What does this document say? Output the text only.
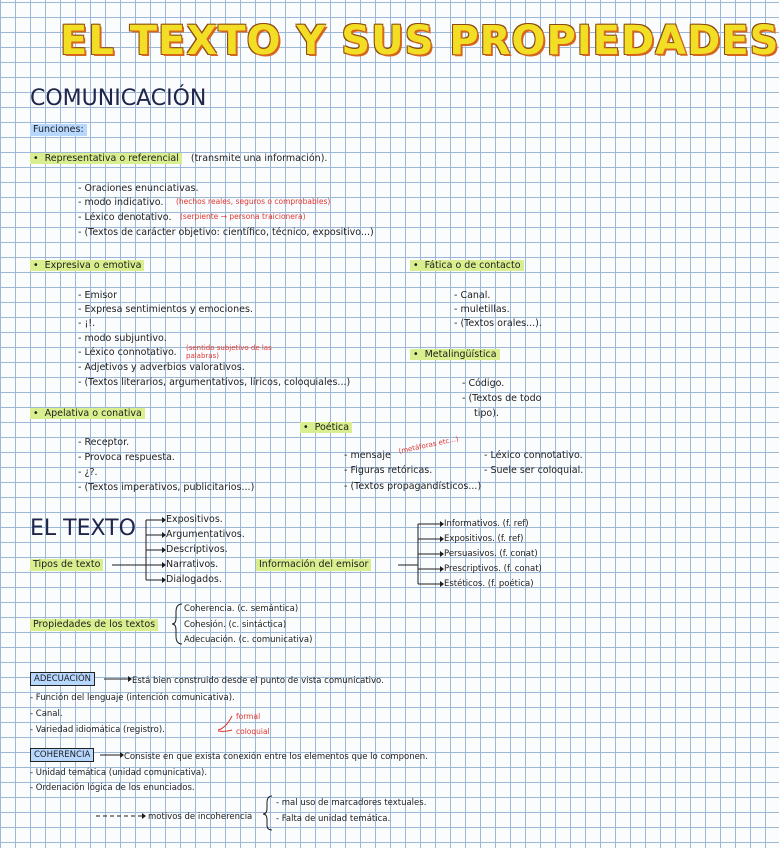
EL TEXTO Y SUS PROPIEDADES
COMUNICACIÓN
Funciones:
• Representativa o referencial (transmite una información).
- Oraciones enunciativas.
- modo indicativo. (hechos reales, seguros o comprobables)
- Léxico denotativo. (serpiente → persona traicionera)
- (Textos de carácter objetivo: científico, técnico, expositivo...)
• Expresiva o emotiva
- Emisor
- Expresa sentimientos y emociones.
- ¡!.
- modo subjuntivo.
- Léxico connotativo. (sentido subjetivo de las palabras)
- Adjetivos y adverbios valorativos.
- (Textos literarios, argumentativos, líricos, coloquiales...)
• Fática o de contacto
- Canal.
- muletillas.
- (Textos orales...).
• Metalingüística
- Código.
- (Textos de todo
tipo).
• Apelativa o conativa
- Receptor.
- Provoca respuesta.
- ¿?.
- (Textos imperativos, publicitarios...)
• Poética
- mensaje
(metáforas etc...)
- Figuras retóricas.
- (Textos propagandísticos...)
- Léxico connotativo.
- Suele ser coloquial.
EL TEXTO
Tipos de texto
Expositivos.
Argumentativos.
Descriptivos.
Narrativos.
Dialogados.
Información del emisor
Informativos. (f. ref)
Expositivos. (f. ref)
Persuasivos. (f. conat)
Prescriptivos. (f. conat)
Estéticos. (f. poética)
Propiedades de los textos
Coherencia. (c. semántica)
Cohesión. (c. sintáctica)
Adecuación. (c. comunicativa)
ADECUACIÓN	Está bien construido desde el punto de vista comunicativo.
- Función del lenguaje (intención comunicativa).
- Canal.
- Variedad idiomática (registro).
formal
coloquial
COHERENCIA	Consiste en que exista conexión entre los elementos que lo componen.
- Unidad temática (unidad comunicativa).
- Ordenación lógica de los enunciados.
motivos de incoherencia
- mal uso de marcadores textuales.
- Falta de unidad temática.
